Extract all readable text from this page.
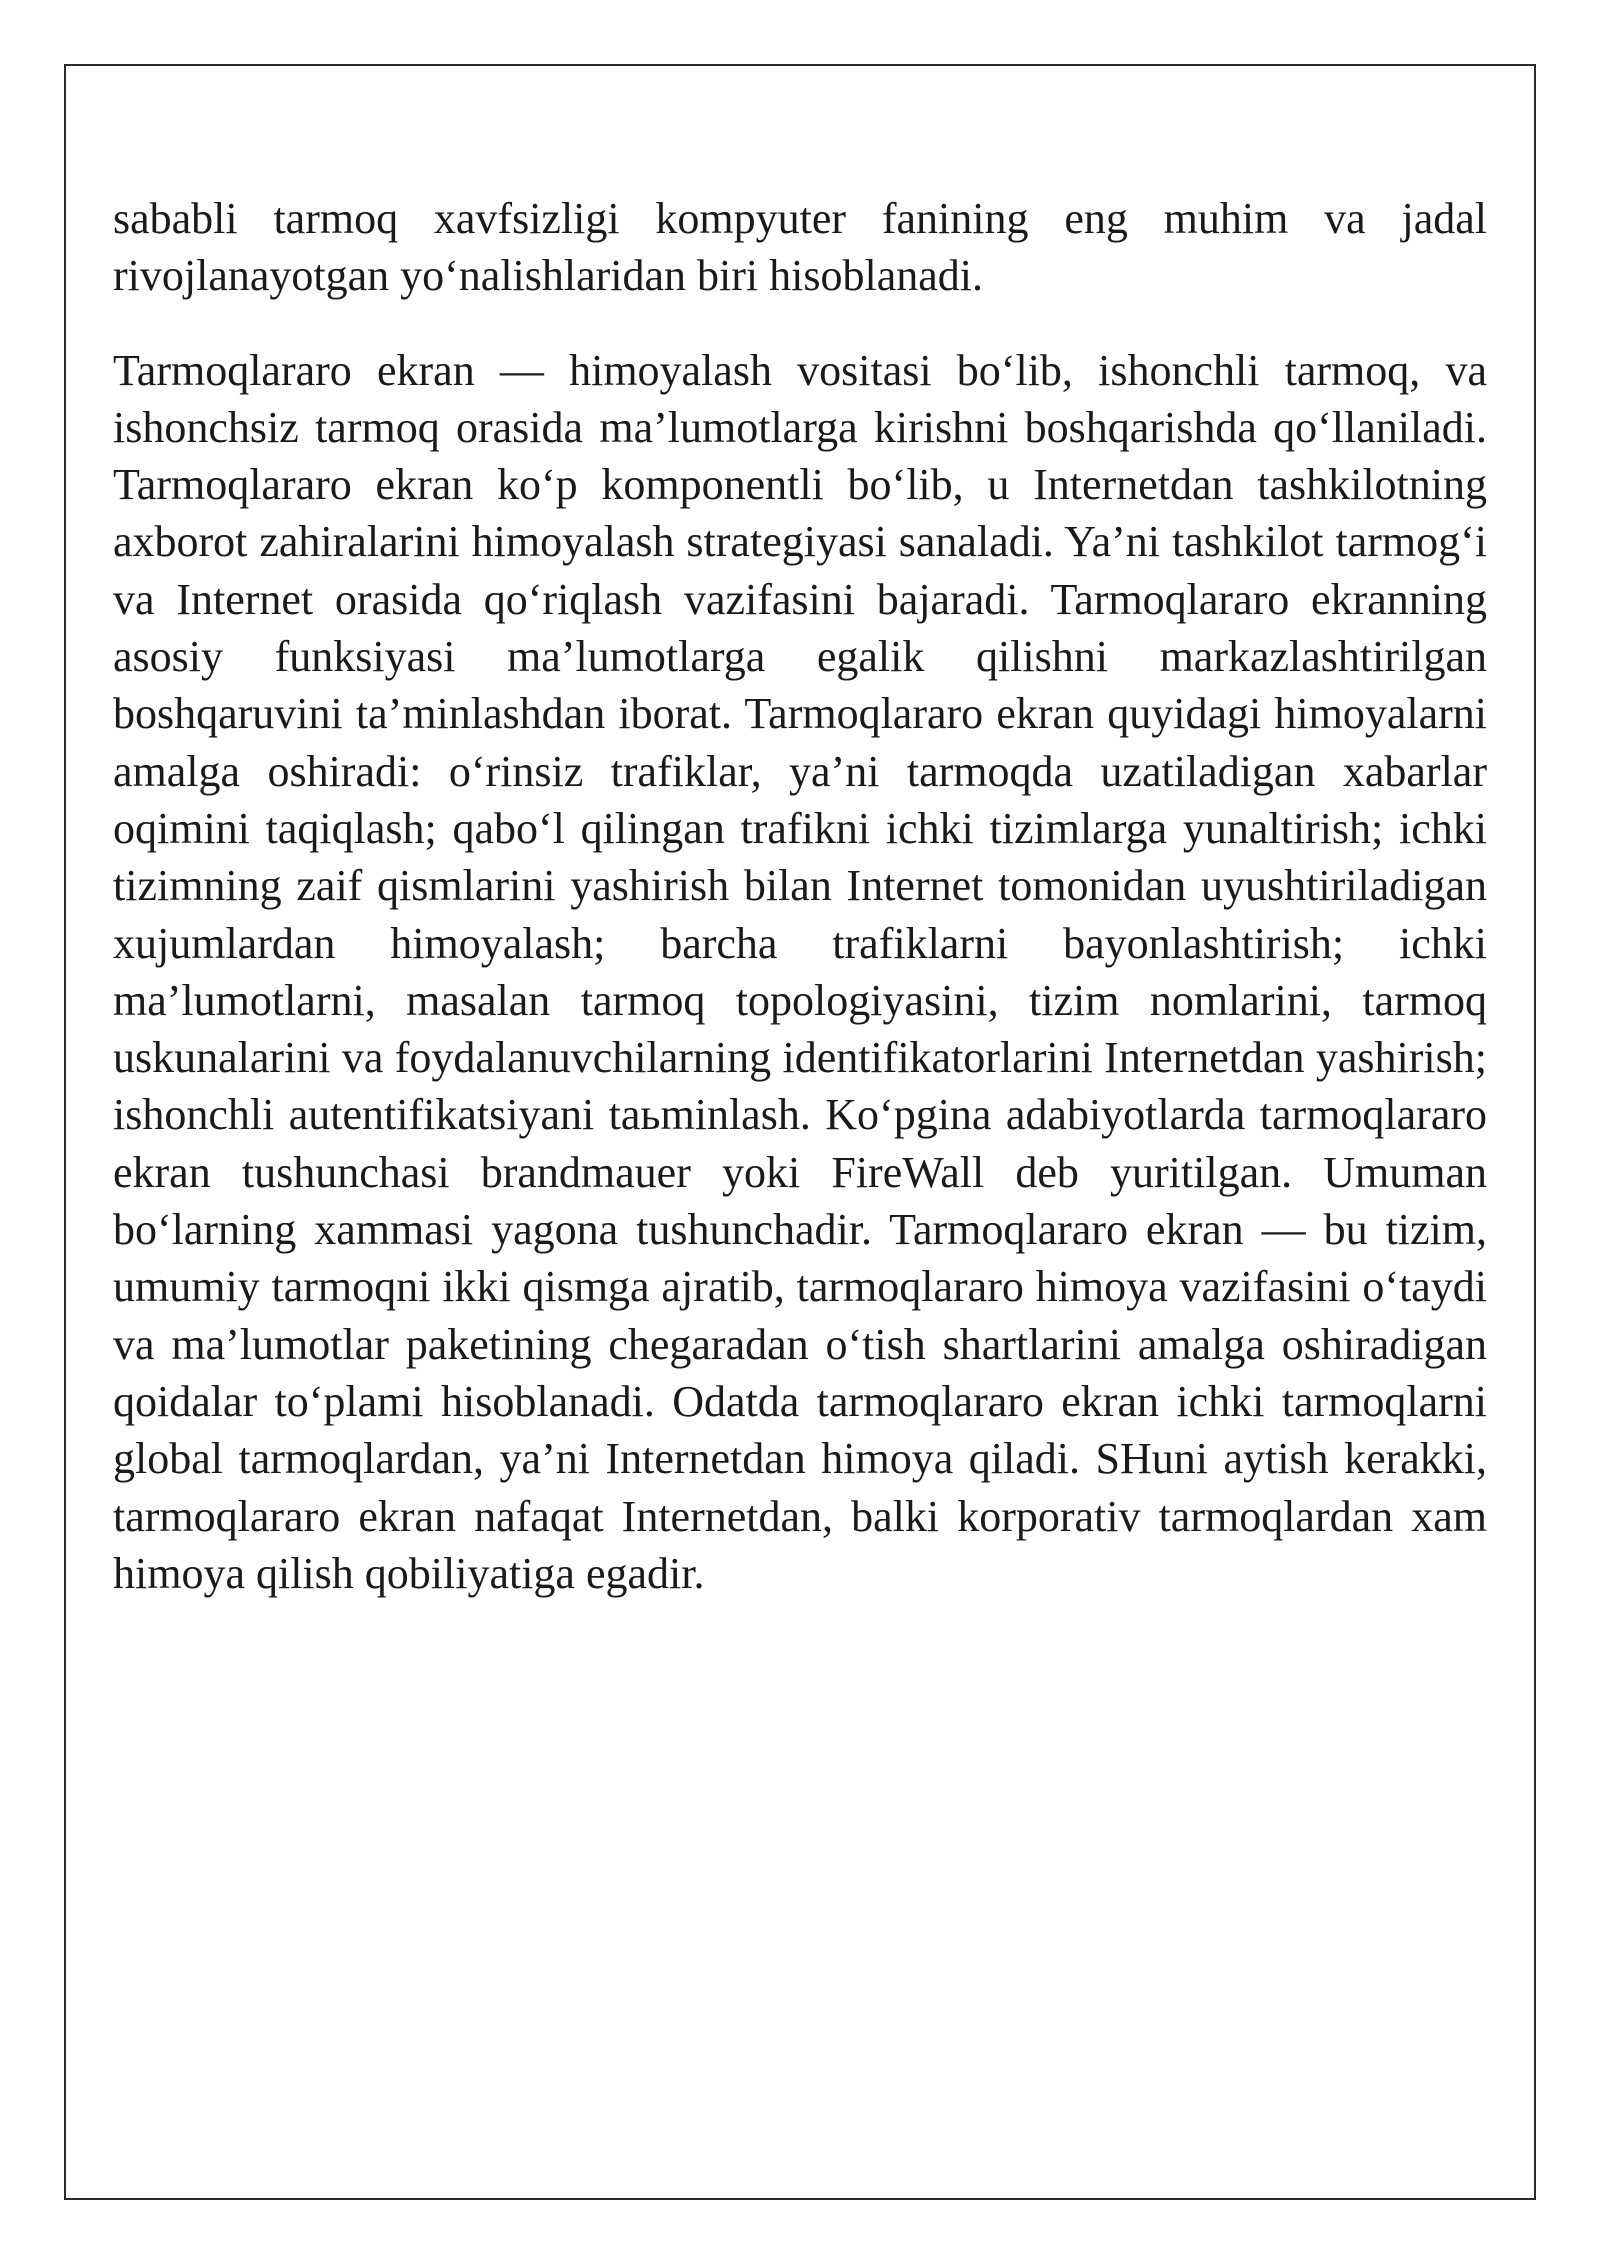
sababli tarmoq xavfsizligi kompyuter fanining eng muhim va jadal rivojlanayotgan yo‘nalishlaridan biri hisoblanadi.

Tarmoqlararo ekran — himoyalash vositasi bo‘lib, ishonchli tarmoq, va ishonchsiz tarmoq orasida ma’lumotlarga kirishni boshqarishda qo‘llaniladi. Tarmoqlararo ekran ko‘p komponentli bo‘lib, u Internetdan tashkilotning axborot zahiralarini himoyalash strategiyasi sanaladi. Ya’ni tashkilot tarmog‘i va Internet orasida qo‘riqlash vazifasini bajaradi. Tarmoqlararo ekranning asosiy funksiyasi ma’lumotlarga egalik qilishni markazlashtirilgan boshqaruvini ta’minlashdan iborat. Tarmoqlararo ekran quyidagi himoyalarni amalga oshiradi: o‘rinsiz trafiklar, ya’ni tarmoqda uzatiladigan xabarlar oqimini taqiqlash; qabo‘l qilingan trafikni ichki tizimlarga yunaltirish; ichki tizimning zaif qismlarini yashirish bilan Internet tomonidan uyushtiriladigan xujumlardan himoyalash; barcha trafiklarni bayonlashtirish; ichki ma’lumotlarni, masalan tarmoq topologiyasini, tizim nomlarini, tarmoq uskunalarini va foydalanuvchilarning identifikatorlarini Internetdan yashirish; ishonchli autentifikatsiyani taьminlash. Ko‘pgina adabiyotlarda tarmoqlararo ekran tushunchasi brandmauer yoki FireWall deb yuritilgan. Umuman bo‘larning xammasi yagona tushunchadir. Tarmoqlararo ekran — bu tizim, umumiy tarmoqni ikki qismga ajratib, tarmoqlararo himoya vazifasini o‘taydi va ma’lumotlar paketining chegaradan o‘tish shartlarini amalga oshiradigan qoidalar to‘plami hisoblanadi. Odatda tarmoqlararo ekran ichki tarmoqlarni global tarmoqlardan, ya’ni Internetdan himoya qiladi. SHuni aytish kerakki, tarmoqlararo ekran nafaqat Internetdan, balki korporativ tarmoqlardan xam himoya qilish qobiliyatiga egadir.
